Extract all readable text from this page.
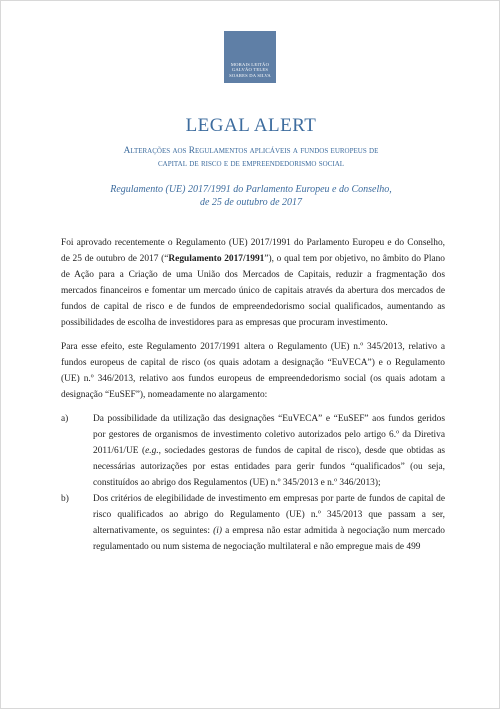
MORAIS LEITÃO
GALVÃO TELES
SOARES DA SILVA
LEGAL ALERT
Alterações aos Regulamentos aplicáveis a fundos europeus de
capital de risco e de empreendedorismo social
Regulamento (UE) 2017/1991 do Parlamento Europeu e do Conselho,
de 25 de outubro de 2017

Foi aprovado recentemente o Regulamento (UE) 2017/1991 do Parlamento Europeu e do Conselho, de 25 de outubro de 2017 (“Regulamento 2017/1991”), o qual tem por objetivo, no âmbito do Plano de Ação para a Criação de uma União dos Mercados de Capitais, reduzir a fragmentação dos mercados financeiros e fomentar um mercado único de capitais através da abertura dos mercados de fundos de capital de risco e de fundos de empreendedorismo social qualificados, aumentando as possibilidades de escolha de investidores para as empresas que procuram investimento.

Para esse efeito, este Regulamento 2017/1991 altera o Regulamento (UE) n.º 345/2013, relativo a fundos europeus de capital de risco (os quais adotam a designação “EuVECA”) e o Regulamento (UE) n.º 346/2013, relativo aos fundos europeus de empreendedorismo social (os quais adotam a designação “EuSEF”), nomeadamente no alargamento:

a)	Da possibilidade da utilização das designações “EuVECA” e “EuSEF” aos fundos geridos por gestores de organismos de investimento coletivo autorizados pelo artigo 6.º da Diretiva 2011/61/UE (e.g., sociedades gestoras de fundos de capital de risco), desde que obtidas as necessárias autorizações por estas entidades para gerir fundos “qualificados” (ou seja, constituídos ao abrigo dos Regulamentos (UE) n.º 345/2013 e n.º 346/2013);
b)	Dos critérios de elegibilidade de investimento em empresas por parte de fundos de capital de risco qualificados ao abrigo do Regulamento (UE) n.º 345/2013 que passam a ser, alternativamente, os seguintes: (i) a empresa não estar admitida à negociação num mercado regulamentado ou num sistema de negociação multilateral e não empregue mais de 499
